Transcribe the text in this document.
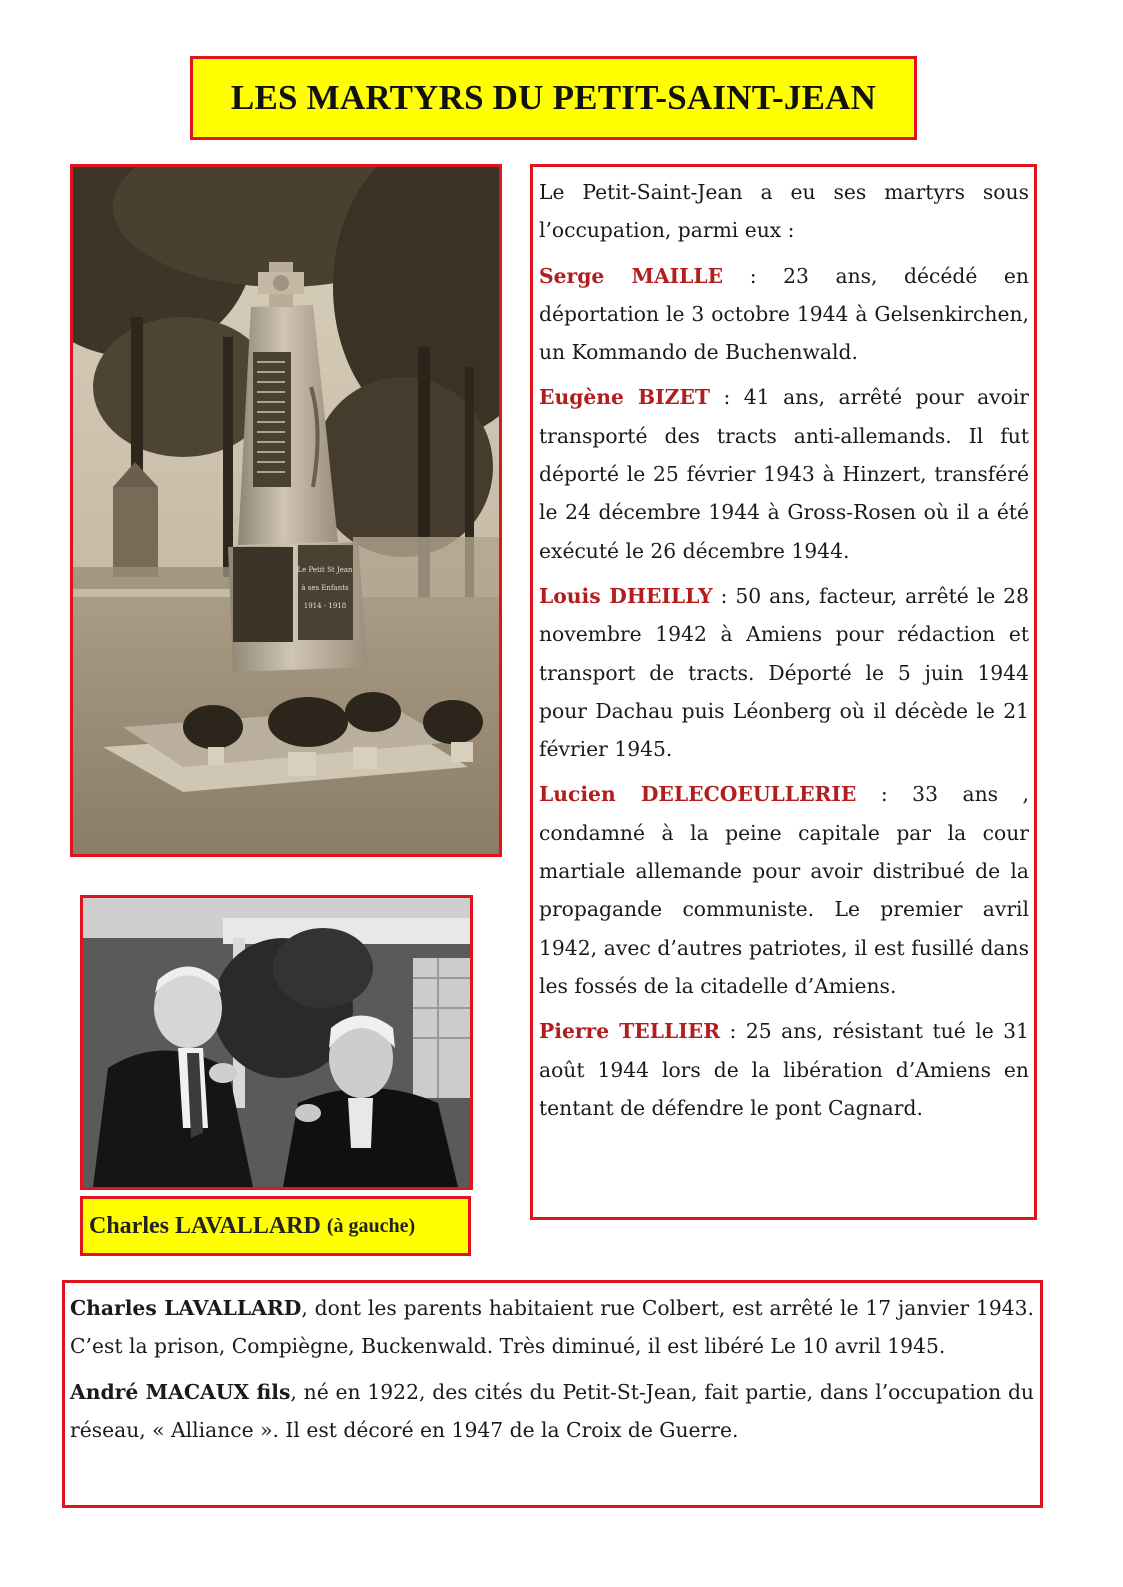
LES MARTYRS DU PETIT-SAINT-JEAN
Le Petit St Jean
à ses Enfants
1914 - 1918

Le Petit-Saint-Jean a eu ses martyrs sous l’occupation, parmi eux :

Serge MAILLE : 23 ans, décédé en déportation le 3 octobre 1944 à Gelsenkirchen, un Kommando de Buchenwald.

Eugène BIZET : 41 ans, arrêté pour avoir transporté des tracts anti-allemands. Il fut déporté le 25 février 1943 à Hinzert, transféré le 24 décembre 1944 à Gross-Rosen où il a été exécuté le 26 décembre 1944.

Louis DHEILLY : 50 ans, facteur, arrêté le 28 novembre 1942 à Amiens pour rédaction et transport de tracts. Déporté le 5 juin 1944 pour Dachau puis Léonberg où il décède le 21 février 1945.

Lucien DELECOEULLERIE : 33 ans , condamné à la peine capitale par la cour martiale allemande pour avoir distribué de la propagande communiste. Le premier avril 1942, avec d’autres patriotes, il est fusillé dans les fossés de la citadelle d’Amiens.

Pierre TELLIER : 25 ans, résistant tué le 31 août 1944 lors de la libération d’Amiens en tentant de défendre le pont Cagnard.

Charles LAVALLARD (à gauche)

Charles LAVALLARD, dont les parents habitaient rue Colbert, est arrêté le 17 janvier 1943. C’est la prison, Compiègne, Buckenwald. Très diminué, il est libéré Le 10 avril 1945.

André MACAUX fils, né en 1922, des cités du Petit-St-Jean, fait partie, dans l’occupation du réseau, « Alliance ». Il est décoré en 1947 de la Croix de Guerre.
